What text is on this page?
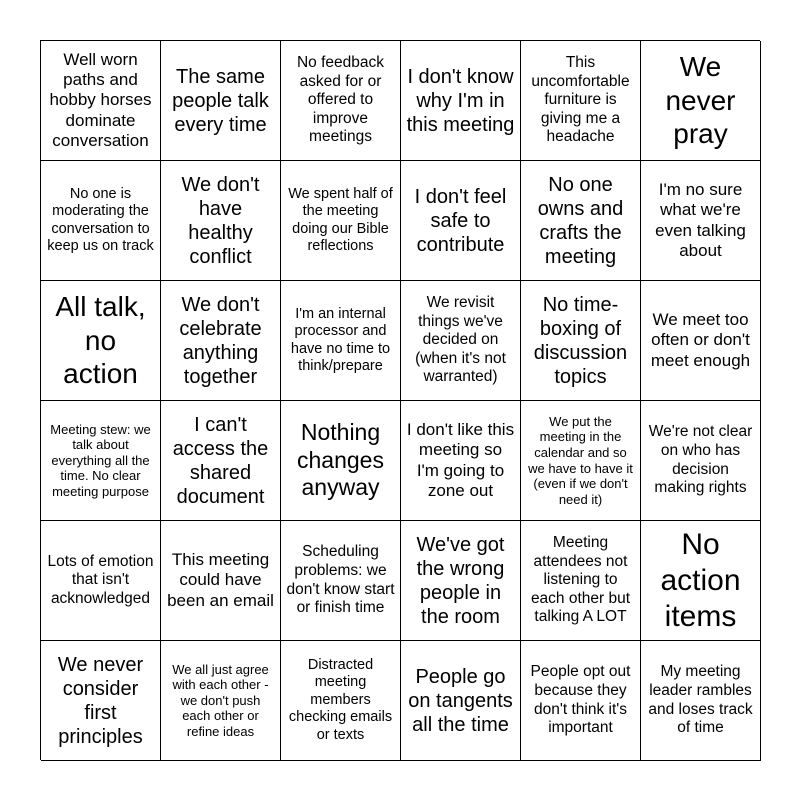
Well worn paths and hobby horses dominate conversation
The same people talk every time
No feedback asked for or offered to improve meetings
I don't know why I'm in this meeting
This uncomfortable furniture is giving me a headache
We never pray
No one is moderating the conversation to keep us on track
We don't have healthy conflict
We spent half of the meeting doing our Bible reflections
I don't feel safe to contribute
No one owns and crafts the meeting
I'm no sure what we're even talking about
All talk, no action
We don't celebrate anything together
I'm an internal processor and have no time to think/prepare
We revisit things we've decided on (when it's not warranted)
No time-boxing of discussion topics
We meet too often or don't meet enough
Meeting stew: we talk about everything all the time. No clear meeting purpose
I can't access the shared document
Nothing changes anyway
I don't like this meeting so I'm going to zone out
We put the meeting in the calendar and so we have to have it (even if we don't need it)
We're not clear on who has decision making rights
Lots of emotion that isn't acknowledged
This meeting could have been an email
Scheduling problems: we don't know start or finish time
We've got the wrong people in the room
Meeting attendees not listening to each other but talking A LOT
No action items
We never consider first principles
We all just agree with each other - we don't push each other or refine ideas
Distracted meeting members checking emails or texts
People go on tangents all the time
People opt out because they don't think it's important
My meeting leader rambles and loses track of time
